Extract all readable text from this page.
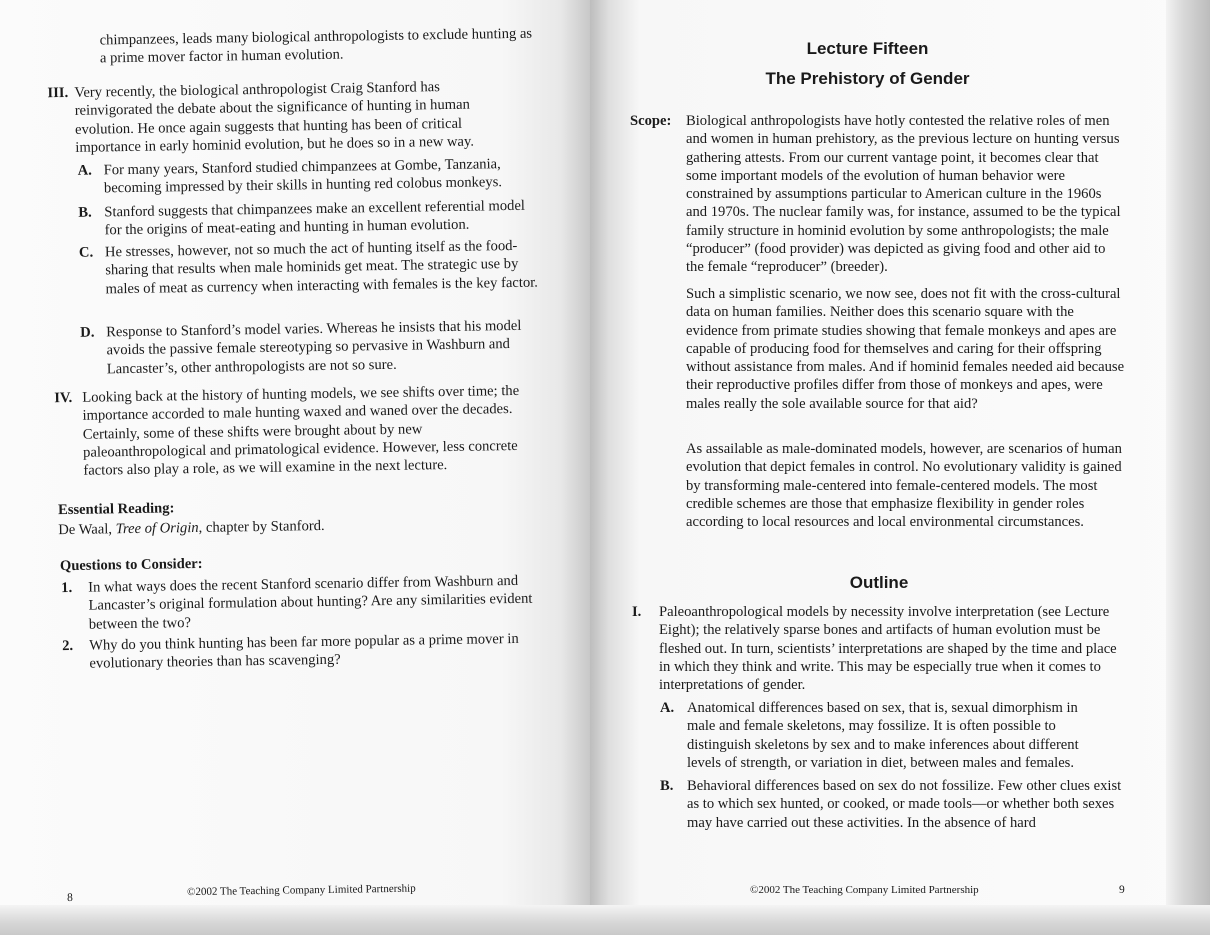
chimpanzees, leads many biological anthropologists to exclude hunting as a prime mover factor in human evolution.

III. Very recently, the biological anthropologist Craig Stanford has reinvigorated the debate about the significance of hunting in human evolution. He once again suggests that hunting has been of critical importance in early hominid evolution, but he does so in a new way.

A. For many years, Stanford studied chimpanzees at Gombe, Tanzania, becoming impressed by their skills in hunting red colobus monkeys.

B. Stanford suggests that chimpanzees make an excellent referential model for the origins of meat-eating and hunting in human evolution.

C. He stresses, however, not so much the act of hunting itself as the food-sharing that results when male hominids get meat. The strategic use by males of meat as currency when interacting with females is the key factor.

D. Response to Stanford’s model varies. Whereas he insists that his model avoids the passive female stereotyping so pervasive in Washburn and Lancaster’s, other anthropologists are not so sure.

IV. Looking back at the history of hunting models, we see shifts over time; the importance accorded to male hunting waxed and waned over the decades. Certainly, some of these shifts were brought about by new paleoanthropological and primatological evidence. However, less concrete factors also play a role, as we will examine in the next lecture.

Essential Reading:

De Waal, Tree of Origin, chapter by Stanford.

Questions to Consider:

1. In what ways does the recent Stanford scenario differ from Washburn and Lancaster’s original formulation about hunting? Are any similarities evident between the two?

2. Why do you think hunting has been far more popular as a prime mover in evolutionary theories than has scavenging?

8	©2002 The Teaching Company Limited Partnership
Lecture Fifteen
The Prehistory of Gender
Scope: Biological anthropologists have hotly contested the relative roles of men and women in human prehistory, as the previous lecture on hunting versus gathering attests. From our current vantage point, it becomes clear that some important models of the evolution of human behavior were constrained by assumptions particular to American culture in the 1960s and 1970s. The nuclear family was, for instance, assumed to be the typical family structure in hominid evolution by some anthropologists; the male “producer” (food provider) was depicted as giving food and other aid to the female “reproducer” (breeder).

Such a simplistic scenario, we now see, does not fit with the cross-cultural data on human families. Neither does this scenario square with the evidence from primate studies showing that female monkeys and apes are capable of producing food for themselves and caring for their offspring without assistance from males. And if hominid females needed aid because their reproductive profiles differ from those of monkeys and apes, were males really the sole available source for that aid?

As assailable as male-dominated models, however, are scenarios of human evolution that depict females in control. No evolutionary validity is gained by transforming male-centered into female-centered models. The most credible schemes are those that emphasize flexibility in gender roles according to local resources and local environmental circumstances.

Outline
I. Paleoanthropological models by necessity involve interpretation (see Lecture Eight); the relatively sparse bones and artifacts of human evolution must be fleshed out. In turn, scientists’ interpretations are shaped by the time and place in which they think and write. This may be especially true when it comes to interpretations of gender.

A. Anatomical differences based on sex, that is, sexual dimorphism in male and female skeletons, may fossilize. It is often possible to distinguish skeletons by sex and to make inferences about different levels of strength, or variation in diet, between males and females.

B. Behavioral differences based on sex do not fossilize. Few other clues exist as to which sex hunted, or cooked, or made tools—or whether both sexes may have carried out these activities. In the absence of hard

©2002 The Teaching Company Limited Partnership	9
